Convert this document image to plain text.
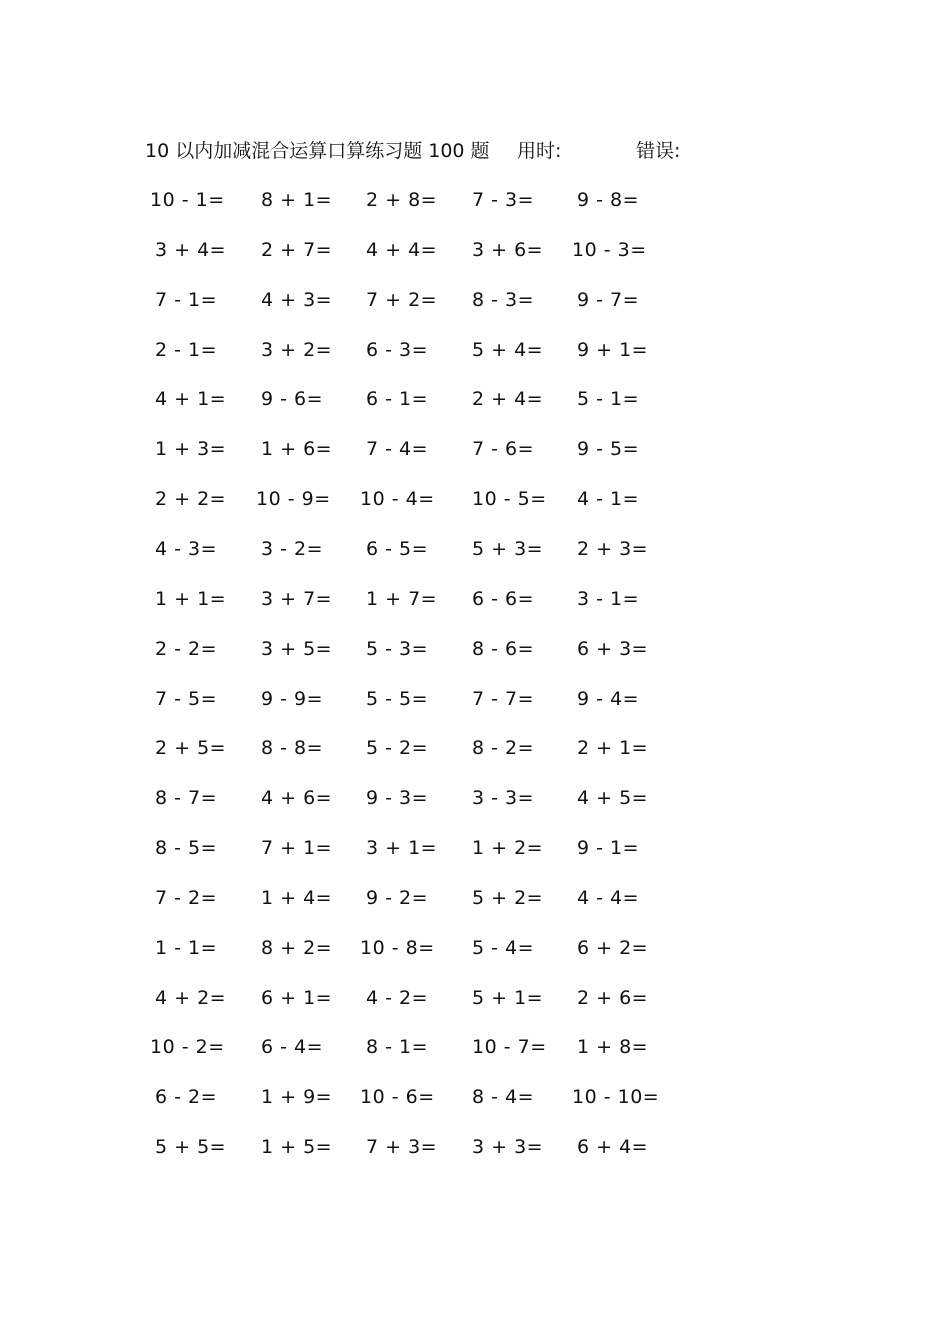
10 以内加减混合运算口算练习题 100 题 用时:	错误:
10 - 1= 8 + 1= 2 + 8= 7 - 3= 9 - 8=
3 + 4= 2 + 7= 4 + 4= 3 + 6= 10 - 3=
7 - 1= 4 + 3= 7 + 2= 8 - 3= 9 - 7=
2 - 1= 3 + 2= 6 - 3= 5 + 4= 9 + 1=
4 + 1= 9 - 6= 6 - 1= 2 + 4= 5 - 1=
1 + 3= 1 + 6= 7 - 4= 7 - 6= 9 - 5=
2 + 2= 10 - 9= 10 - 4= 10 - 5= 4 - 1=
4 - 3= 3 - 2= 6 - 5= 5 + 3= 2 + 3=
1 + 1= 3 + 7= 1 + 7= 6 - 6= 3 - 1=
2 - 2= 3 + 5= 5 - 3= 8 - 6= 6 + 3=
7 - 5= 9 - 9= 5 - 5= 7 - 7= 9 - 4=
2 + 5= 8 - 8= 5 - 2= 8 - 2= 2 + 1=
8 - 7= 4 + 6= 9 - 3= 3 - 3= 4 + 5=
8 - 5= 7 + 1= 3 + 1= 1 + 2= 9 - 1=
7 - 2= 1 + 4= 9 - 2= 5 + 2= 4 - 4=
1 - 1= 8 + 2= 10 - 8= 5 - 4= 6 + 2=
4 + 2= 6 + 1= 4 - 2= 5 + 1= 2 + 6=
10 - 2= 6 - 4= 8 - 1= 10 - 7= 1 + 8=
6 - 2= 1 + 9= 10 - 6= 8 - 4= 10 - 10=
5 + 5= 1 + 5= 7 + 3= 3 + 3= 6 + 4=
